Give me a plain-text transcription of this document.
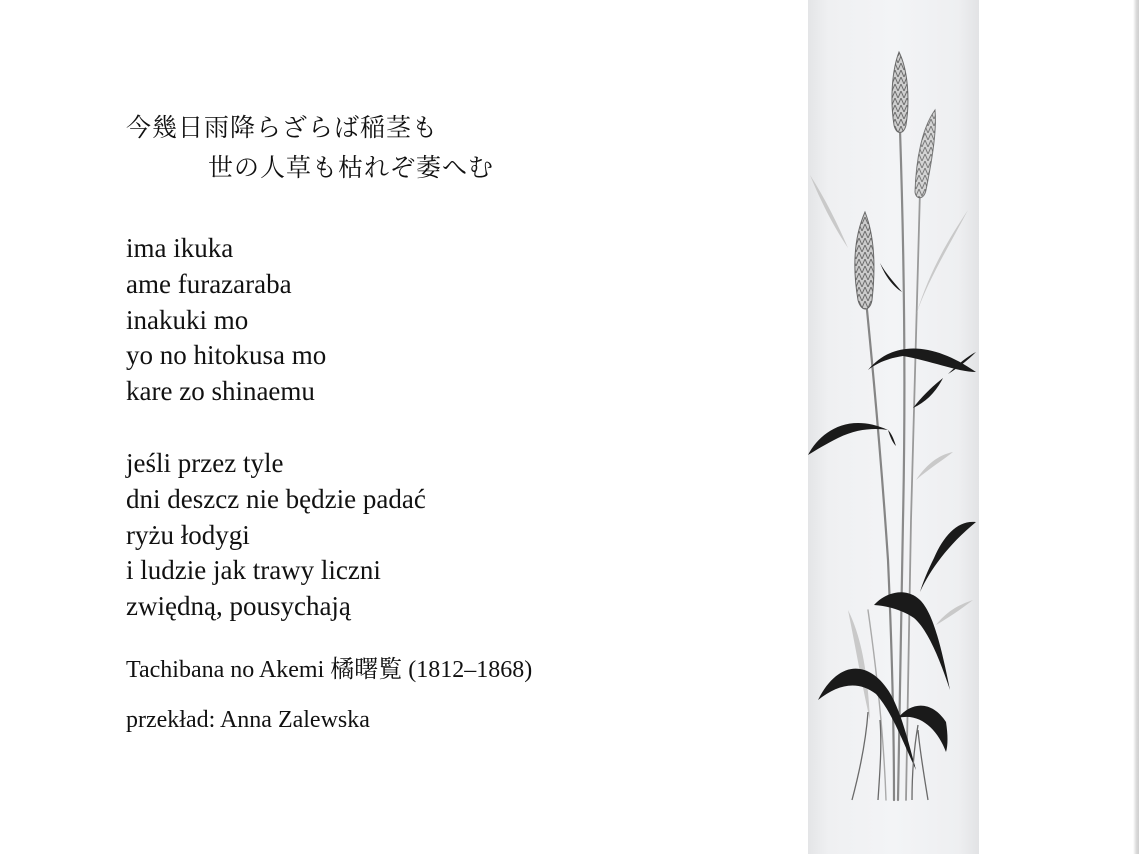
今幾日雨降らざらば稲茎も
世の人草も枯れぞ萎へむ
ima ikuka
ame furazaraba
inakuki mo
yo no hitokusa mo
kare zo shinaemu
jeśli przez tyle
dni deszcz nie będzie padać
ryżu łodygi
i ludzie jak trawy liczni
zwiędną, pousychają
Tachibana no Akemi 橘曙覧 (1812–1868)
przekład: Anna Zalewska
